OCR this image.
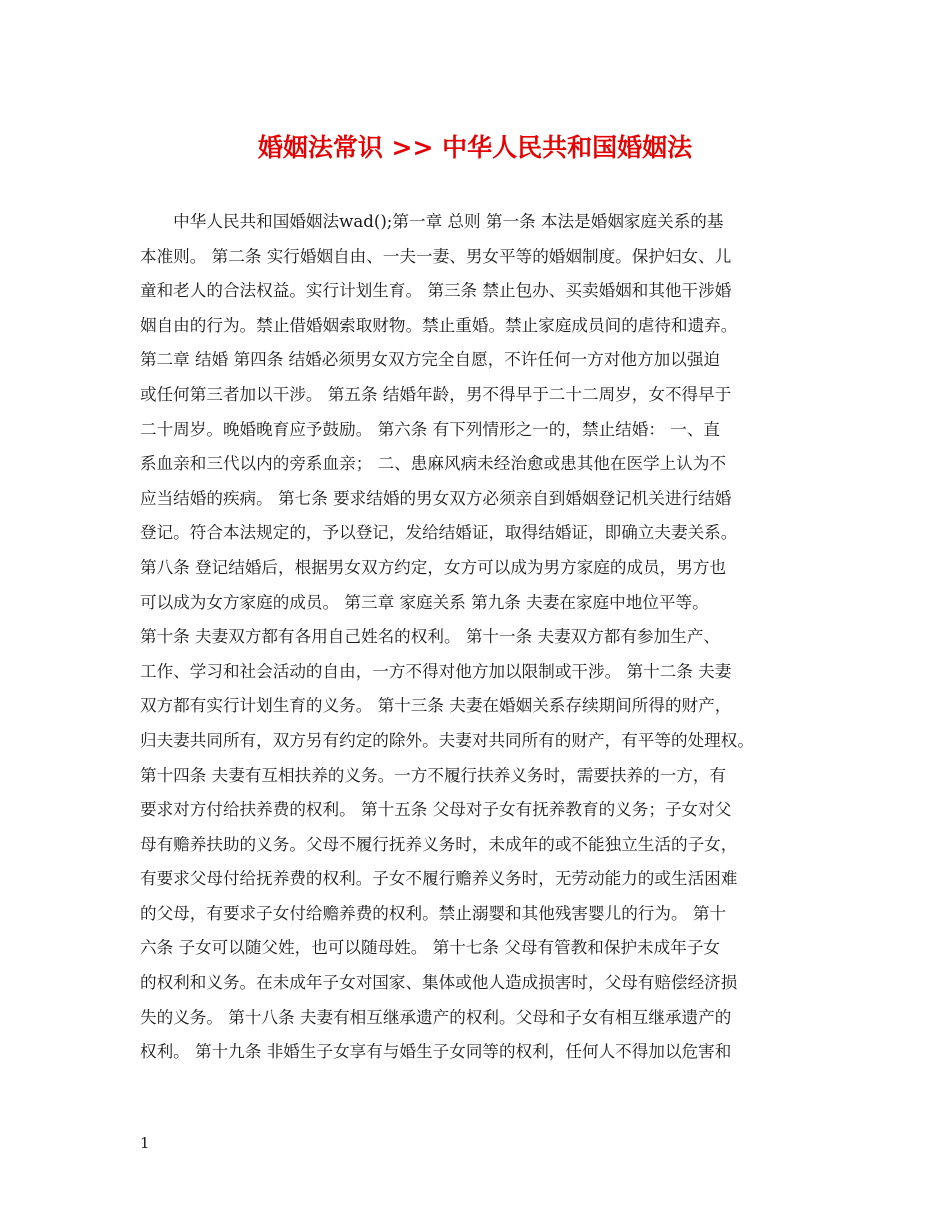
婚姻法常识 >> 中华人民共和国婚姻法
　　中华人民共和国婚姻法wad();第一章 总则 第一条 本法是婚姻家庭关系的基
本准则。 第二条 实行婚姻自由、一夫一妻、男女平等的婚姻制度。保护妇女、儿
童和老人的合法权益。实行计划生育。 第三条 禁止包办、买卖婚姻和其他干涉婚
姻自由的行为。禁止借婚姻索取财物。禁止重婚。禁止家庭成员间的虐待和遗弃。
第二章 结婚 第四条 结婚必须男女双方完全自愿，不许任何一方对他方加以强迫
或任何第三者加以干涉。 第五条 结婚年龄，男不得早于二十二周岁，女不得早于
二十周岁。晚婚晚育应予鼓励。 第六条 有下列情形之一的，禁止结婚： 一、直
系血亲和三代以内的旁系血亲； 二、患麻风病未经治愈或患其他在医学上认为不
应当结婚的疾病。 第七条 要求结婚的男女双方必须亲自到婚姻登记机关进行结婚
登记。符合本法规定的，予以登记，发给结婚证，取得结婚证，即确立夫妻关系。
第八条 登记结婚后，根据男女双方约定，女方可以成为男方家庭的成员，男方也
可以成为女方家庭的成员。 第三章 家庭关系 第九条 夫妻在家庭中地位平等。
第十条 夫妻双方都有各用自己姓名的权利。 第十一条 夫妻双方都有参加生产、
工作、学习和社会活动的自由，一方不得对他方加以限制或干涉。 第十二条 夫妻
双方都有实行计划生育的义务。 第十三条 夫妻在婚姻关系存续期间所得的财产，
归夫妻共同所有，双方另有约定的除外。夫妻对共同所有的财产，有平等的处理权。
第十四条 夫妻有互相扶养的义务。一方不履行扶养义务时，需要扶养的一方，有
要求对方付给扶养费的权利。 第十五条 父母对子女有抚养教育的义务；子女对父
母有赡养扶助的义务。父母不履行抚养义务时，未成年的或不能独立生活的子女，
有要求父母付给抚养费的权利。子女不履行赡养义务时，无劳动能力的或生活困难
的父母，有要求子女付给赡养费的权利。禁止溺婴和其他残害婴儿的行为。 第十
六条 子女可以随父姓，也可以随母姓。 第十七条 父母有管教和保护未成年子女
的权利和义务。在未成年子女对国家、集体或他人造成损害时，父母有赔偿经济损
失的义务。 第十八条 夫妻有相互继承遗产的权利。父母和子女有相互继承遗产的
权利。 第十九条 非婚生子女享有与婚生子女同等的权利，任何人不得加以危害和
1
